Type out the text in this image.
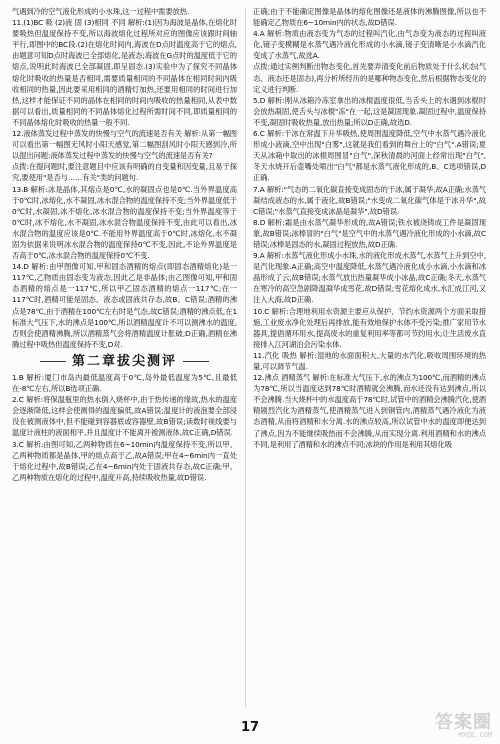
气遇到冷的空气液化形成的小水珠,这一过程中需要放热.

11.(1)BC 吸 (2)液 固 (3)相同 不同 解析:(1)因为海波是晶体,在熔化时要吸热但温度保持不变,所以海波熔化过程所对应的图像应该跟时间轴平行,即图中的BC段.(2)在熔化时间内,海波在D点时温度高于它的熔点,由题意可知D点时海波已全部熔化,是液态;海波在G点时的温度低于它的熔点,说明此时海波已全部凝固,即呈固态.(3)实验中为了探究不同晶体熔化时吸收的热量是否相同,需要质量相同的不同晶体在相同时间内吸收相同的热量,因此要采用相同的酒精灯加热,还要用相同的时间进行加热,这样才能保证不同的晶体在相同的时间内吸收的热量相同,从表中数据可以看出,质量相同的不同晶体熔化过程所需时间不同,即质量相同的不同晶体熔化时吸收的热量一般不同.

12.液体蒸发过程中蒸发的快慢与空气的流速是否有关 解析:从第一幅图可以看出第一幅图无风时小阳天感觉,第二幅图刮风时小阳天感到冷,所以提出问题:液体蒸发过程中蒸发的快慢与空气的流速是否有关?

点拨:在提问题时,要注意题目中应该有明确的自变量和因变量,且易于探究,要使用"是否与……有关"类的问题句.

13.B 解析:冰是晶体,其熔点是0℃,水的凝固点也是0℃.当外界温度高于0℃时,冰熔化,水不凝固,冰水混合物的温度保持不变;当外界温度低于0℃时,水凝固,冰不熔化,冰水混合物的温度保持不变;当外界温度等于0℃时,冰不熔化,水不凝固,冰水混合物温度保持不变,由此可以看出,冰水混合物的温度应该是0℃.不能用外界温度高于0℃时,冰熔化,水不凝固为依据来说明冰水混合物的温度保持0℃不变,因此,不论外界温度是否高于0℃,冰水混合物的温度保持0℃不变.

14.D 解析:由甲图像可知,甲和固态酒精的熔点(即固态酒精熔化)是一117℃,乙物质由固态变为液态,因此乙是非晶体;由乙图像可知,甲和固态酒精的熔点是一117℃,所以甲乙固态酒精的熔点一117℃;在一117℃时,酒精可能是固态、液态或固液共存态,故B、C错误;酒精的沸点是78℃,由于酒精在100℃左右时是气态,故C错误;酒精的沸点低,在1标准大气压下,水的沸点是100℃,所以酒精温度计不可以测沸水的温度,否则会使酒精沸腾,所以酒精蒸气会将酒精温度计胀破;D正确,酒精在沸腾过程中吸热但温度保持不变,D对.

第二章拔尖测评

1.B 解析:厦门市岛内最低温度高于0℃,岛外最低温度为5℃,且最低在-8℃左右,所以B选项正确.

2.C 解析:将保温瓶里的热水倒入烧杯中,由于热传递的缘故,热水的温度会逐渐降低,这样会使测得的温度偏低,故A错误;温度计的液泡要全部浸没在被测液体中,但不能碰到容器底或容器壁,故B错误;读数时视线要与温度计液柱的液面相平,并且温度计不能离开被测液体,故C正确,D错误.

3.C 解析:由图可知,乙两种物质在6~10min内温度保持不变,所以甲、乙两种物质都是晶体,甲的熔点高于乙,故A错误;甲在4~6min内一直处于熔化过程中,故B错误;乙在4~6min内处于固液共存态,故C正确;甲、乙两种物质在熔化的过程中,温度升高,持续吸收热量,故D错误.

正确;由于不能确定图像是晶体的熔化图像还是液体的沸腾图像,所以也不能确定乙物质在6~10min内的状态,故D错误.

4.A 解析:物质由液态变为气态的过程叫汽化,由气态变为液态的过程叫液化,镜子变模糊是水蒸气遇冷液化形成的小水滴,镜子变清晰是小水滴汽化变成了水蒸气,故选A.

点拨:通过实例判断出物态变化,首先要弄清变化前后物质处于什么状态(气态、液态还是固态),再分析所经历的是哪种物态变化,然后根据物态变化的定义进行判断.

5.D 解析:刚从冰箱冷冻室拿出的冰棍温度很低,当舌头上的水遇到冰棍时会放热凝固,使舌头与冰棍"冻"在一起,这是凝固现象.凝固过程中,温度保持不变,凝固时吸收热量,放出热量;所以D正确,故选D.

6.C 解析:干冰在常温下升华吸热,使周围温度降低,空气中水蒸气遇冷液化形成小液滴,空中出现"白雾",这就是我们看到的舞台上的"白气".A错误;夏天从冰箱中取出的冰棍周围冒"白气",深秋清晨的河面上经常出现"白气",冬天水烧开后壶嘴处喷出"白气"都是水蒸气液化形成的,B、C选项错误,D正确.

7.A 解析:"气态的二氧化碳直接变成固态的干冰,属于凝华,故A正确;水蒸气凝结成液态的水,属于液化,故B错误;"水变成二氧化碳气体是干冰升华",故C错误;"水蒸气直接变成冰晶是凝华",故D错误.

8.D 解析:霜是由水蒸气凝华形成的,故A错误;铁水被浇铸成工件是凝固现象,故B错误;冰棒冒的"白气"是空气中的水蒸气遇冷液化形成的小水滴,故C错误;冰棒是固态的水,凝固过程放热,故D正确.

9.A 解析:水蒸气液化形成小水珠,水的液化形成水蒸气,水蒸气上升到空中,是汽化现象.A正确;高空中温度降低,水蒸气遇冷液化成小水滴,小水滴和冰晶形成了云,故B错误;水蒸气放出热量凝华成小冰晶,故C正确;冬天,水蒸气在寒冷的高空急剧降温凝华成雪花,故D错误;雪花熔化成水,水汇成江河,又注入大海,故D正确.

10.C 解析:合理地利用水资源主要应从保护、节约水资源两个方面采取措施,工业废水净化处理后再排放,能有效地保护水体不受污染;推广家用节水器具,提倡循环用水,提高废水的重复利用率等都可节约用水;让生活废水直接排入江河湖泊会污染水体.

11.汽化 吸热 解析:湿地的水面面积大,大量的水汽化,吸收周围环境的热量,可以调节气温.

12.沸点 酒精蒸气 解析:在标准大气压下,水的沸点为100℃,而酒精的沸点为78℃,所以当温度达到78℃时酒精就会沸腾,而水还没有达到沸点,所以不会沸腾.当大烧杯中的水温度高于78℃时,试管中的酒精会沸腾汽化,使酒精剧烈汽化为酒精蒸气,使酒精蒸气进入到铜管内,酒精蒸气遇冷液化为液态酒精,从而将酒精和水分离.水的沸点较高,所以试管中水的温度即便达到了沸点,因为不能继续吸热而不会沸腾,从而实现分离.利用酒精和水的沸点不同,是利用了酒精和水的沸点不同;冰块的作用是利用其熔化吸

17	答案圈
MXQE.COM
